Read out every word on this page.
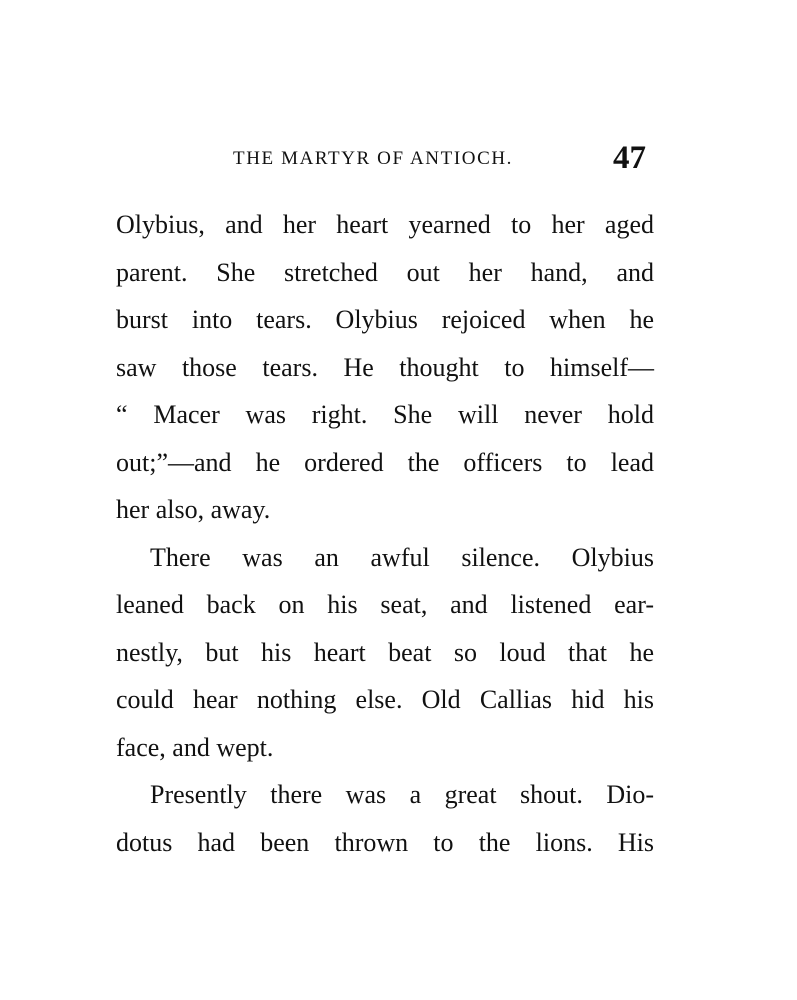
THE MARTYR OF ANTIOCH.	47
Olybius, and her heart yearned to her aged
parent. She stretched out her hand, and
burst into tears. Olybius rejoiced when he
saw those tears. He thought to himself—
“ Macer was right. She will never hold
out;”—and he ordered the officers to lead
her also, away.
There was an awful silence. Olybius
leaned back on his seat, and listened ear-
nestly, but his heart beat so loud that he
could hear nothing else. Old Callias hid his
face, and wept.
Presently there was a great shout. Dio-
dotus had been thrown to the lions. His
